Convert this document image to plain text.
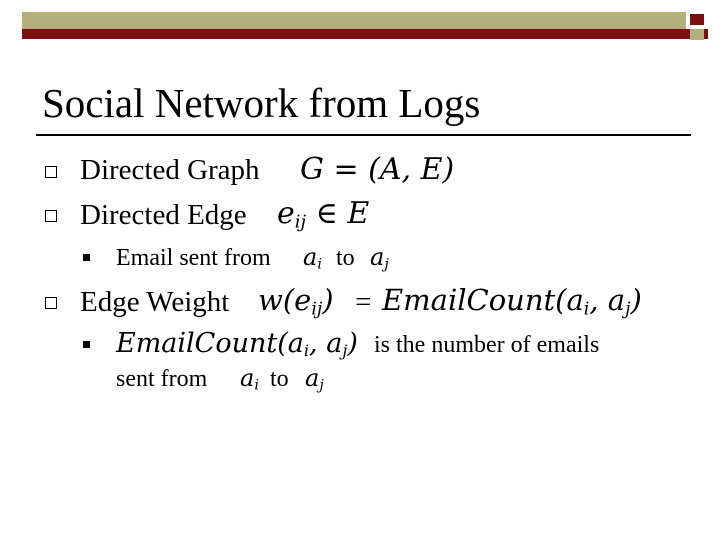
Social Network from Logs
Directed Graph G = (A, E)
Directed Edge $e_{ij}$ ∈ E
Email sent from $a_i$ to $a_j$
Edge Weight $w(e_{ij})$ = $EmailCount(a_i$, $a_j$)
$EmailCount(a_i$, $a_j$) is the number of emails
sent from $a_i$ to $a_j$
